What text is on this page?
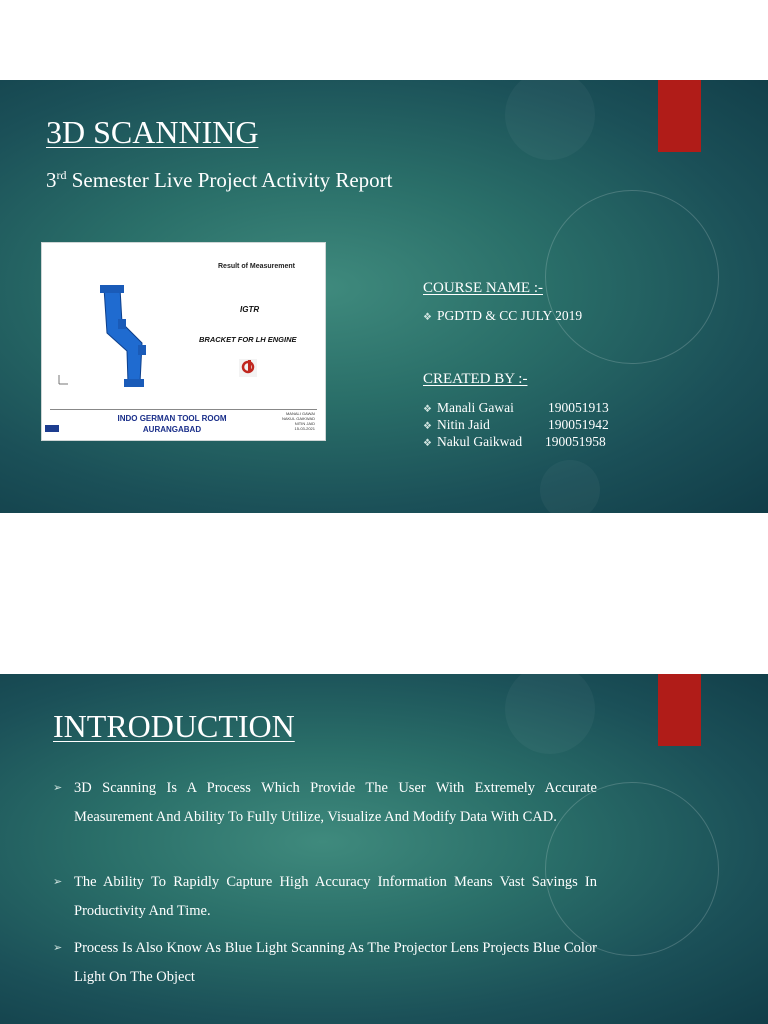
3D SCANNING

3rd Semester Live Project Activity Report

Result of Measurement
IGTR
BRACKET FOR LH ENGINE
INDO GERMAN TOOL ROOM
AURANGABAD
MANALI GAWAI
NAKUL GAIKWAD
NITIN JAID
15-03-2021
COURSE NAME :-
❖ PGDTD & CC JULY 2019
CREATED BY :-
❖ Manali Gawai	190051913
❖ Nitin Jaid	190051942
❖ Nakul Gaikwad 190051958
INTRODUCTION
➢ 3D Scanning Is A Process Which Provide The User With Extremely Accurate Measurement And Ability To Fully Utilize, Visualize And Modify Data With CAD.
➢ The Ability To Rapidly Capture High Accuracy Information Means Vast Savings In Productivity And Time.
➢ Process Is Also Know As Blue Light Scanning As The Projector Lens Projects Blue Color Light On The Object
